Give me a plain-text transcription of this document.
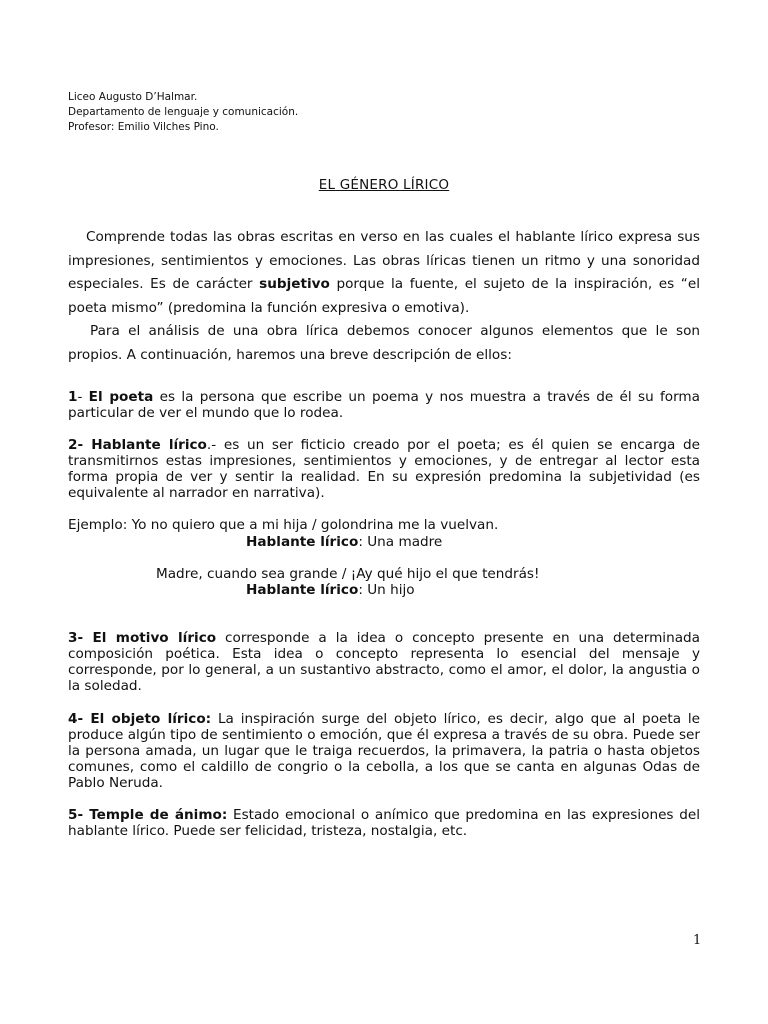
Liceo Augusto D’Halmar.
Departamento de lenguaje y comunicación.
Profesor: Emilio Vilches Pino.
EL GÉNERO LÍRICO

Comprende todas las obras escritas en verso en las cuales el hablante lírico expresa sus impresiones, sentimientos y emociones. Las obras líricas tienen un ritmo y una sonoridad especiales. Es de carácter subjetivo porque la fuente, el sujeto de la inspiración, es “el poeta mismo” (predomina la función expresiva o emotiva).

Para el análisis de una obra lírica debemos conocer algunos elementos que le son propios. A continuación, haremos una breve descripción de ellos:

1- El poeta es la persona que escribe un poema y nos muestra a través de él su forma particular de ver el mundo que lo rodea.
2- Hablante lírico.- es un ser ficticio creado por el poeta; es él quien se encarga de transmitirnos estas impresiones, sentimientos y emociones, y de entregar al lector esta forma propia de ver y sentir la realidad. En su expresión predomina la subjetividad (es equivalente al narrador en narrativa).
Ejemplo: Yo no quiero que a mi hija / golondrina me la vuelvan.
Hablante lírico: Una madre
Madre, cuando sea grande / ¡Ay qué hijo el que tendrás!
Hablante lírico: Un hijo
3- El motivo lírico corresponde a la idea o concepto presente en una determinada composición poética. Esta idea o concepto representa lo esencial del mensaje y corresponde, por lo general, a un sustantivo abstracto, como el amor, el dolor, la angustia o la soledad.
4- El objeto lírico: La inspiración surge del objeto lírico, es decir, algo que al poeta le produce algún tipo de sentimiento o emoción, que él expresa a través de su obra. Puede ser la persona amada, un lugar que le traiga recuerdos, la primavera, la patria o hasta objetos comunes, como el caldillo de congrio o la cebolla, a los que se canta en algunas Odas de Pablo Neruda.
5- Temple de ánimo: Estado emocional o anímico que predomina en las expresiones del hablante lírico. Puede ser felicidad, tristeza, nostalgia, etc.
1
